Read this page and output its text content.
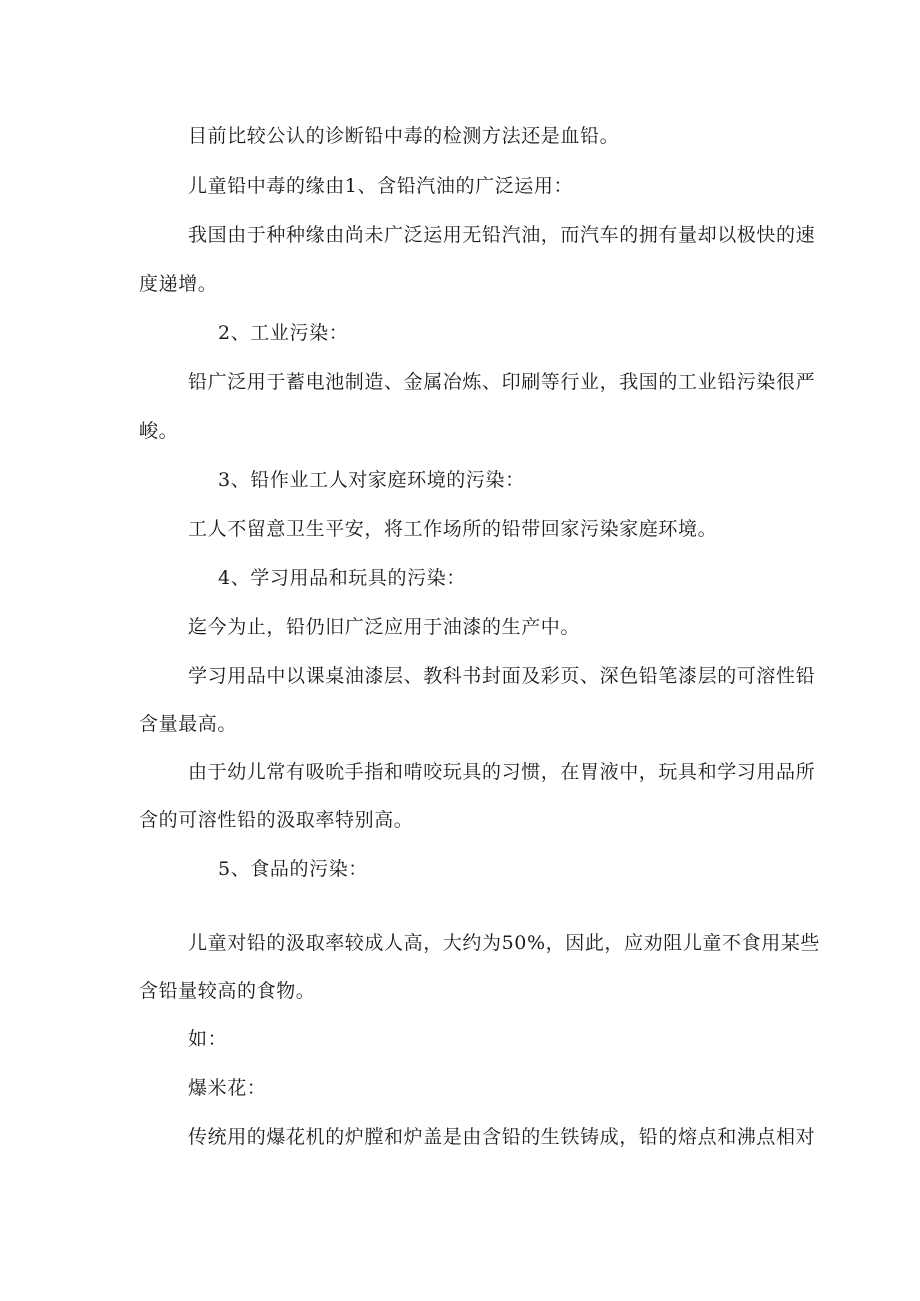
目前比较公认的诊断铅中毒的检测方法还是血铅。
儿童铅中毒的缘由1、含铅汽油的广泛运用：
我国由于种种缘由尚未广泛运用无铅汽油，而汽车的拥有量却以极快的速
度递增。
2、工业污染：
铅广泛用于蓄电池制造、金属冶炼、印刷等行业，我国的工业铅污染很严
峻。
3、铅作业工人对家庭环境的污染：
工人不留意卫生平安，将工作场所的铅带回家污染家庭环境。
4、学习用品和玩具的污染：
迄今为止，铅仍旧广泛应用于油漆的生产中。
学习用品中以课桌油漆层、教科书封面及彩页、深色铅笔漆层的可溶性铅
含量最高。
由于幼儿常有吸吮手指和啃咬玩具的习惯，在胃液中，玩具和学习用品所
含的可溶性铅的汲取率特别高。
5、食品的污染：
儿童对铅的汲取率较成人高，大约为50%，因此，应劝阻儿童不食用某些
含铅量较高的食物。
如：
爆米花：
传统用的爆花机的炉膛和炉盖是由含铅的生铁铸成，铅的熔点和沸点相对
